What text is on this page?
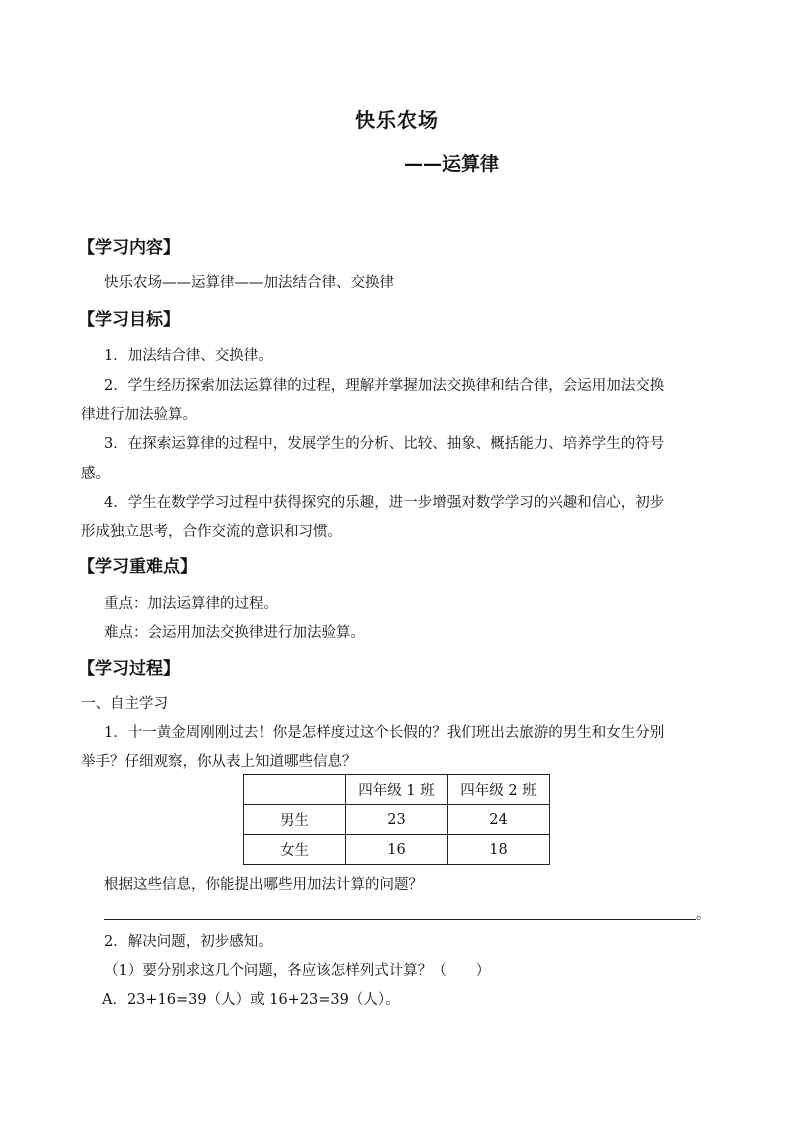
快乐农场
——运算律
【学习内容】
快乐农场——运算律——加法结合律、交换律
【学习目标】
1．加法结合律、交换律。
2．学生经历探索加法运算律的过程，理解并掌握加法交换律和结合律，会运用加法交换
律进行加法验算。
3．在探索运算律的过程中，发展学生的分析、比较、抽象、概括能力、培养学生的符号
感。
4．学生在数学学习过程中获得探究的乐趣，进一步增强对数学学习的兴趣和信心，初步
形成独立思考，合作交流的意识和习惯。
【学习重难点】
重点：加法运算律的过程。
难点：会运用加法交换律进行加法验算。
【学习过程】
一、自主学习
1．十一黄金周刚刚过去！你是怎样度过这个长假的？我们班出去旅游的男生和女生分别
举手？仔细观察，你从表上知道哪些信息？
	四年级 1 班	四年级 2 班
男生	23	24
女生	16	18
根据这些信息，你能提出哪些用加法计算的问题？
。
2．解决问题，初步感知。
（1）要分别求这几个问题，各应该怎样列式计算？（　　）
A．23+16=39（人）或 16+23=39（人）。
